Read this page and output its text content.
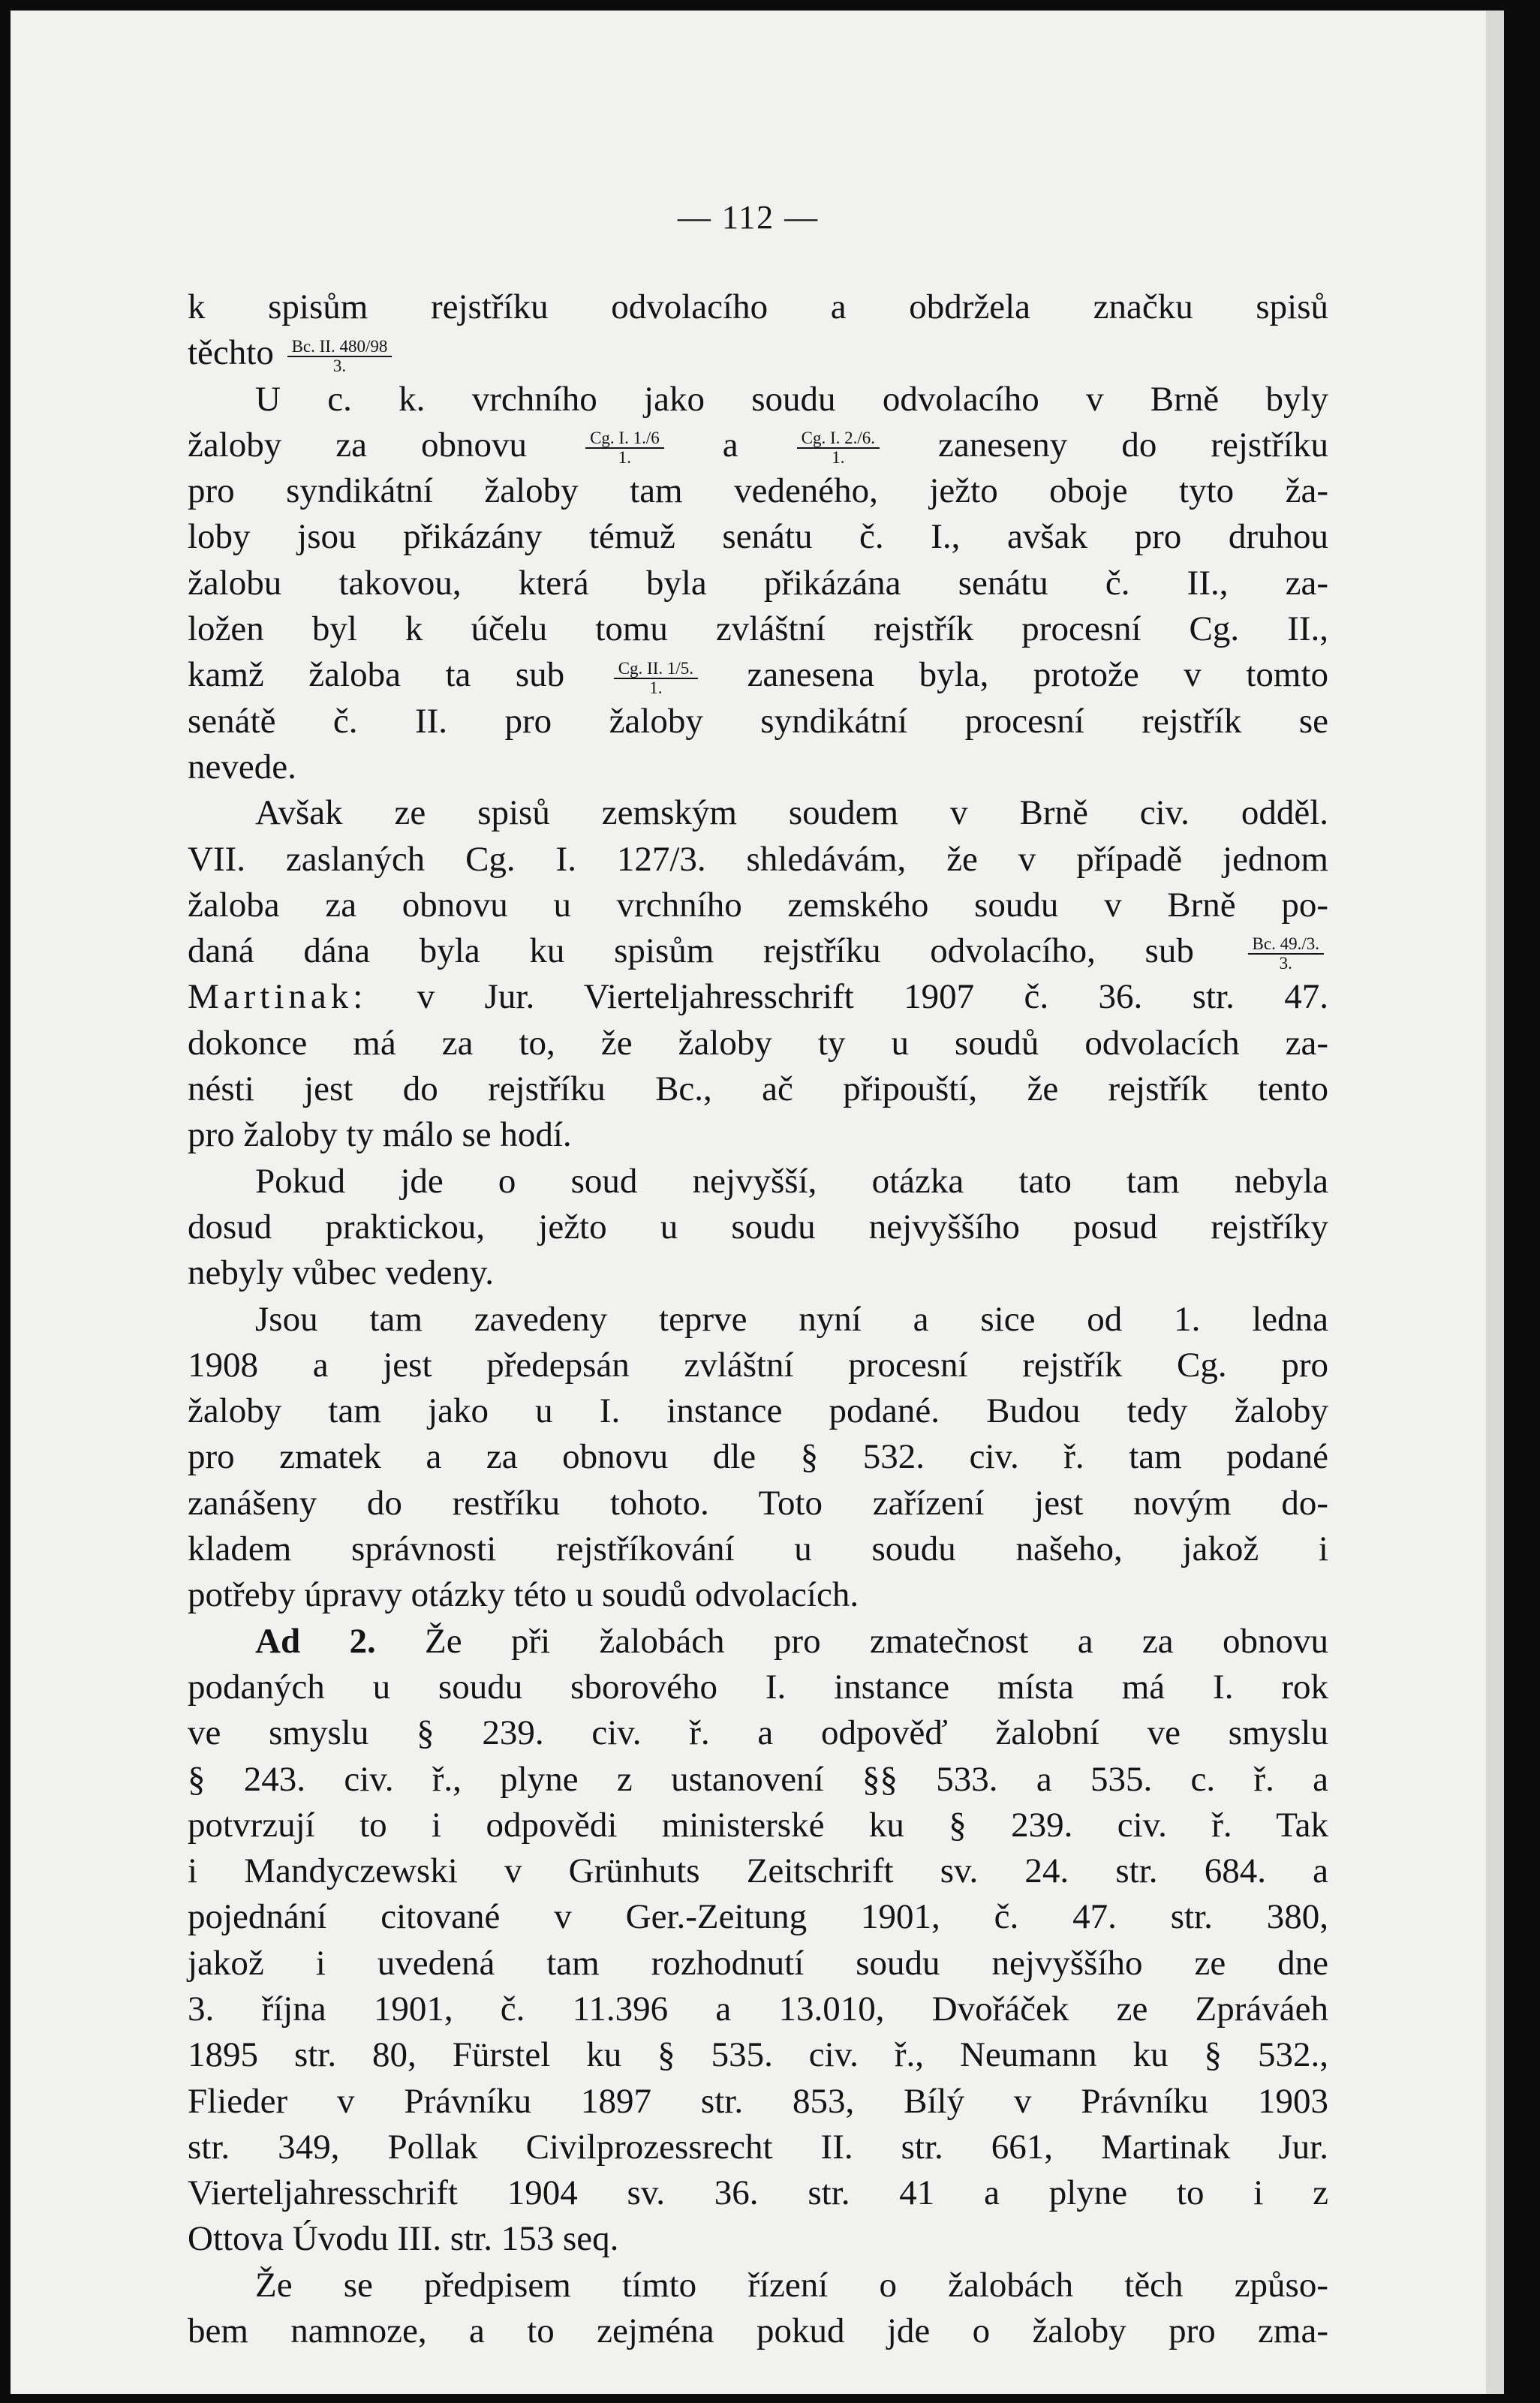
— 112 —
k spisům rejstříku odvolacího a obdržela značku spisů
těchto $\frac{Bc. II. 480/98}{3.}$
U c. k. vrchního jako soudu odvolacího v Brně byly
žaloby za obnovu $\frac{Cg. I. 1./6}{1.}$ a $\frac{Cg. I. 2./6.}{1.}$ zaneseny do rejstříku
pro syndikátní žaloby tam vedeného, ježto oboje tyto ža-
loby jsou přikázány témuž senátu č. I., avšak pro druhou
žalobu takovou, která byla přikázána senátu č. II., za-
ložen byl k účelu tomu zvláštní rejstřík procesní Cg. II.,
kamž žaloba ta sub $\frac{Cg. II. 1/5.}{1.}$ zanesena byla, protože v tomto
senátě č. II. pro žaloby syndikátní procesní rejstřík se
nevede.
Avšak ze spisů zemským soudem v Brně civ. odděl.
VII. zaslaných Cg. I. 127/3. shledávám, že v případě jednom
žaloba za obnovu u vrchního zemského soudu v Brně po-
daná dána byla ku spisům rejstříku odvolacího, sub $\frac{Bc. 49./3.}{3.}$
Martinak: v Jur. Vierteljahresschrift 1907 č. 36. str. 47.
dokonce má za to, že žaloby ty u soudů odvolacích za-
nésti jest do rejstříku Bc., ač připouští, že rejstřík tento
pro žaloby ty málo se hodí.
Pokud jde o soud nejvyšší, otázka tato tam nebyla
dosud praktickou, ježto u soudu nejvyššího posud rejstříky
nebyly vůbec vedeny.
Jsou tam zavedeny teprve nyní a sice od 1. ledna
1908 a jest předepsán zvláštní procesní rejstřík Cg. pro
žaloby tam jako u I. instance podané. Budou tedy žaloby
pro zmatek a za obnovu dle § 532. civ. ř. tam podané
zanášeny do restříku tohoto. Toto zařízení jest novým do-
kladem správnosti rejstříkování u soudu našeho, jakož i
potřeby úpravy otázky této u soudů odvolacích.
Ad 2. Že při žalobách pro zmatečnost a za obnovu
podaných u soudu sborového I. instance místa má I. rok
ve smyslu § 239. civ. ř. a odpověď žalobní ve smyslu
§ 243. civ. ř., plyne z ustanovení §§ 533. a 535. c. ř. a
potvrzují to i odpovědi ministerské ku § 239. civ. ř. Tak
i Mandyczewski v Grünhuts Zeitschrift sv. 24. str. 684. a
pojednání citované v Ger.-Zeitung 1901, č. 47. str. 380,
jakož i uvedená tam rozhodnutí soudu nejvyššího ze dne
3. října 1901, č. 11.396 a 13.010, Dvořáček ze Zpráváeh
1895 str. 80, Fürstel ku § 535. civ. ř., Neumann ku § 532.,
Flieder v Právníku 1897 str. 853, Bílý v Právníku 1903
str. 349, Pollak Civilprozessrecht II. str. 661, Martinak Jur.
Vierteljahresschrift 1904 sv. 36. str. 41 a plyne to i z
Ottova Úvodu III. str. 153 seq.
Že se předpisem tímto řízení o žalobách těch způso-
bem namnoze, a to zejména pokud jde o žaloby pro zma-
